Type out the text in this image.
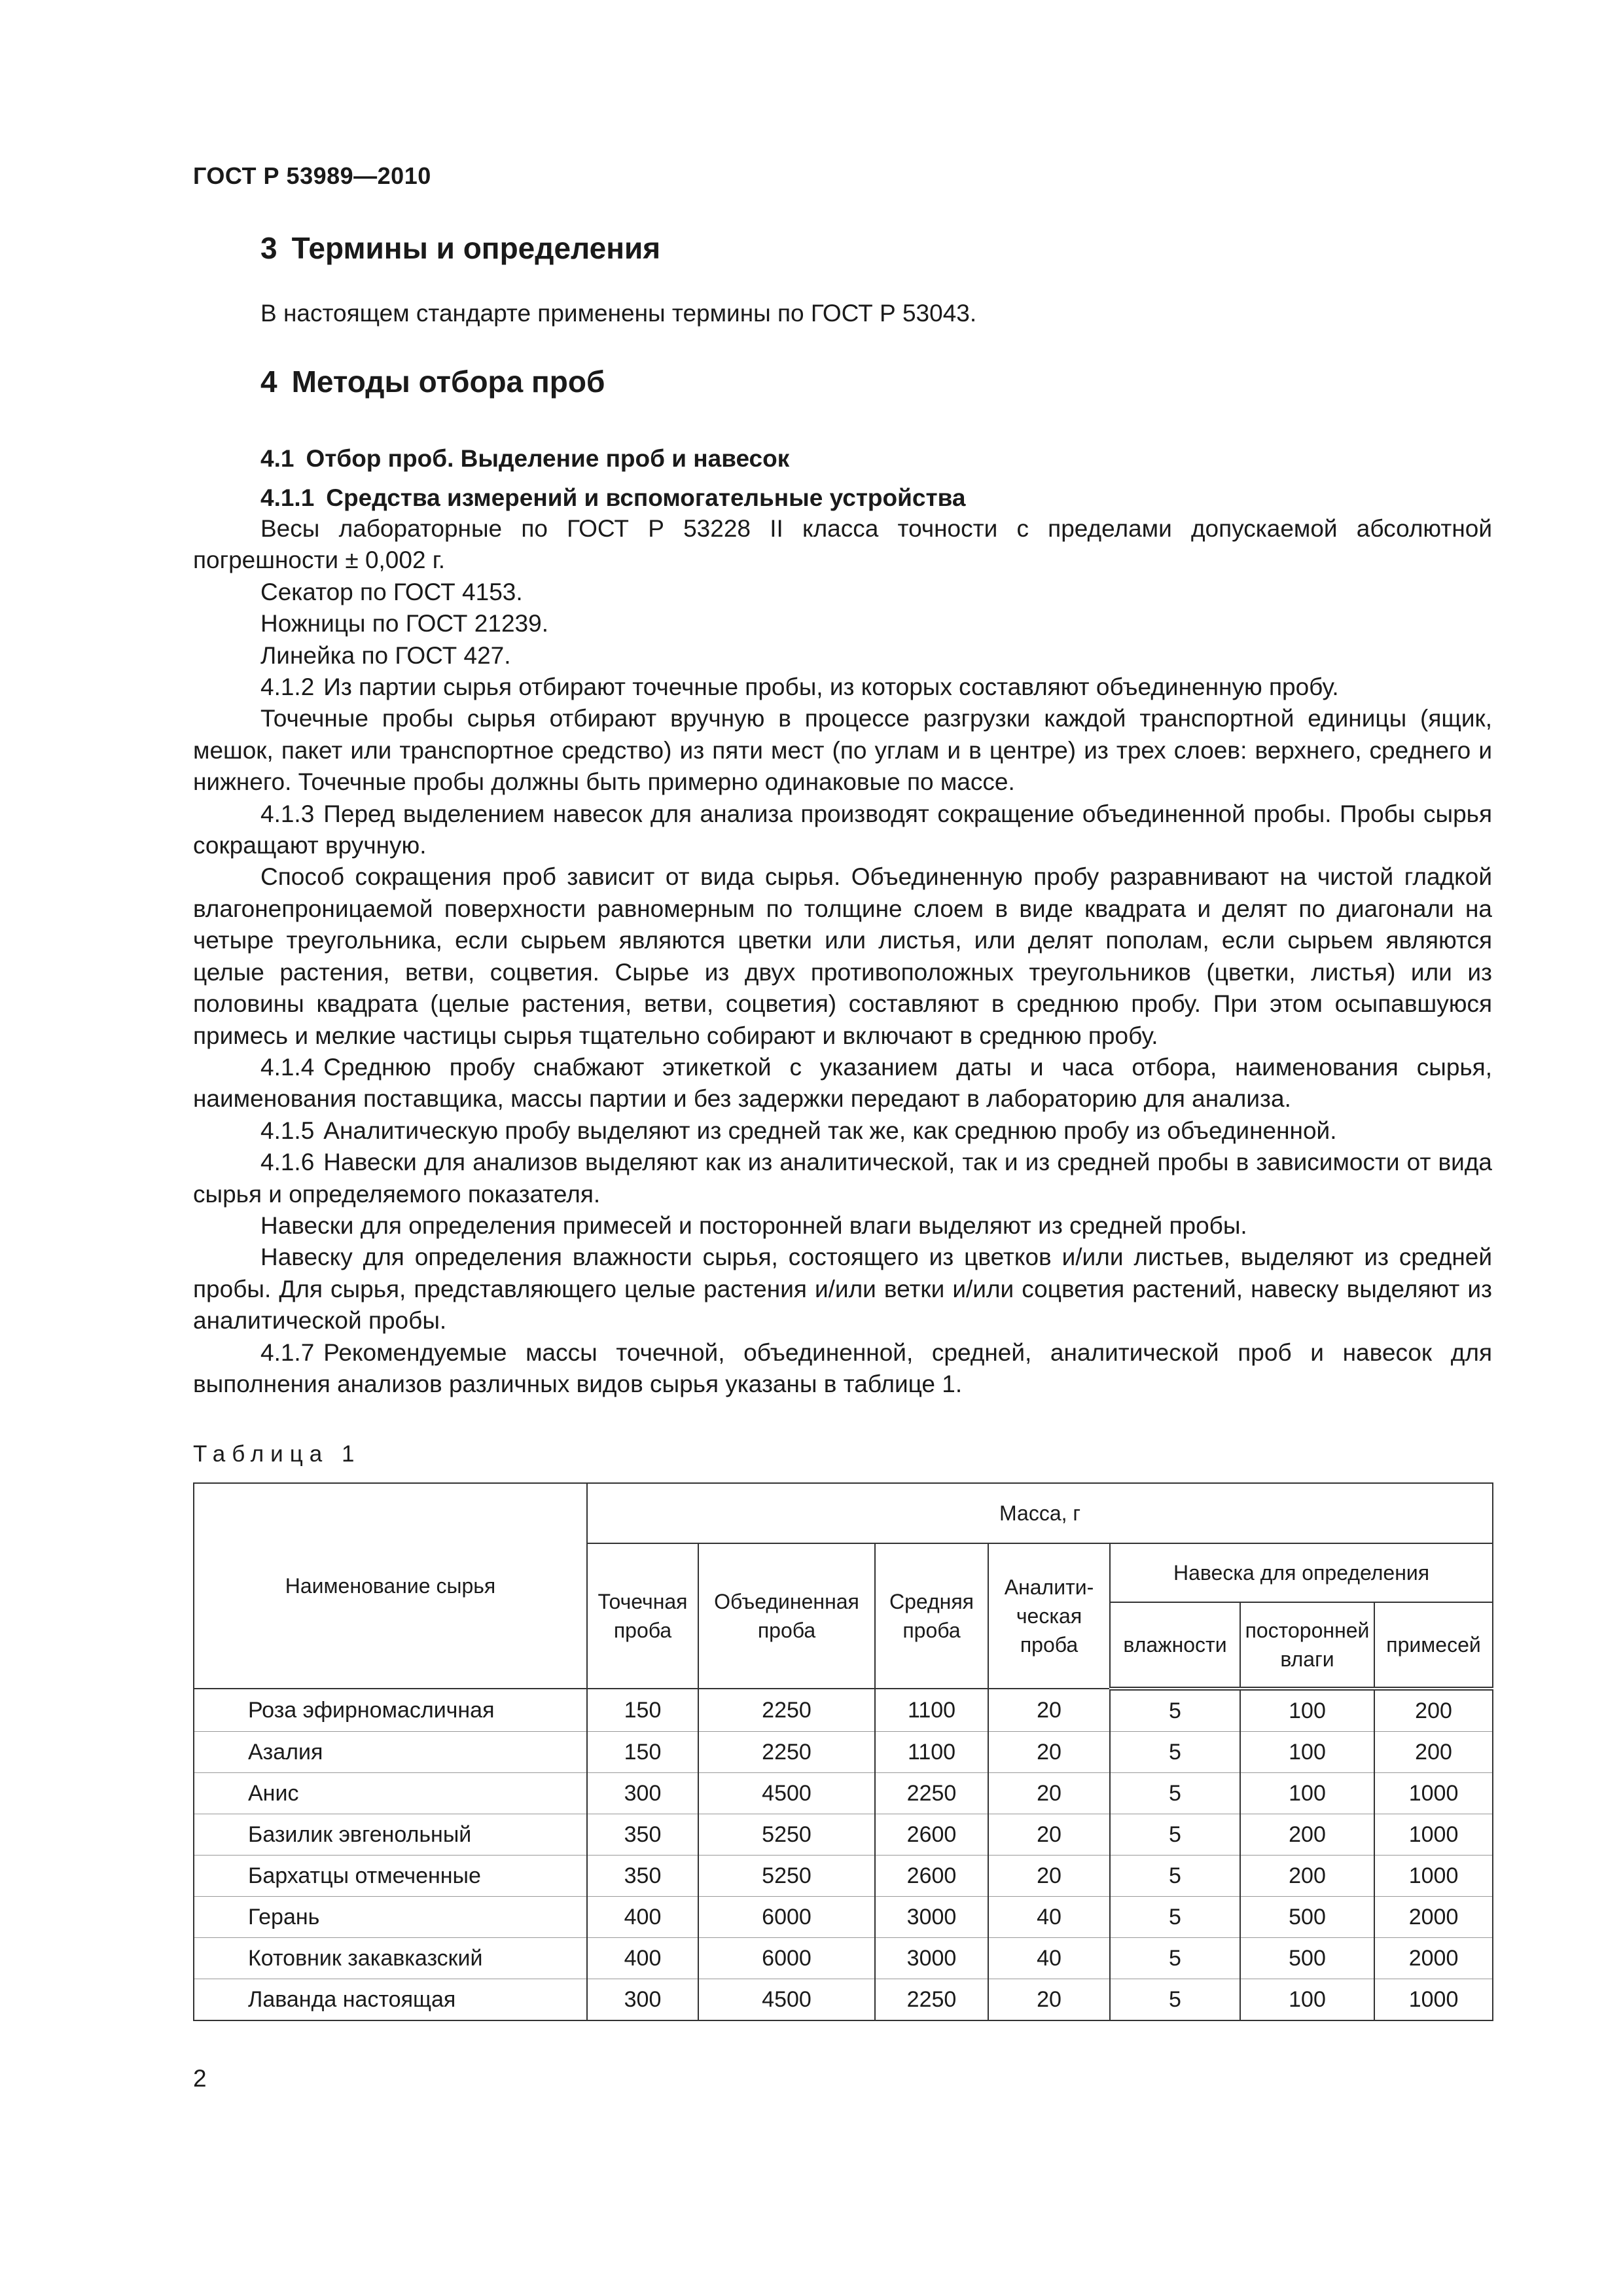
ГОСТ Р 53989—2010
3 Термины и определения
В настоящем стандарте применены термины по ГОСТ Р 53043.
4 Методы отбора проб
4.1 Отбор проб. Выделение проб и навесок
4.1.1 Средства измерений и вспомогательные устройства

Весы лабораторные по ГОСТ Р 53228 II класса точности с пределами допускаемой абсолютной погрешности ± 0,002 г.

Секатор по ГОСТ 4153.

Ножницы по ГОСТ 21239.

Линейка по ГОСТ 427.

4.1.2 Из партии сырья отбирают точечные пробы, из которых составляют объединенную пробу.

Точечные пробы сырья отбирают вручную в процессе разгрузки каждой транспортной единицы (ящик, мешок, пакет или транспортное средство) из пяти мест (по углам и в центре) из трех слоев: верхнего, среднего и нижнего. Точечные пробы должны быть примерно одинаковые по массе.

4.1.3 Перед выделением навесок для анализа производят сокращение объединенной пробы. Пробы сырья сокращают вручную.

Способ сокращения проб зависит от вида сырья. Объединенную пробу разравнивают на чистой гладкой влагонепроницаемой поверхности равномерным по толщине слоем в виде квадрата и делят по диагонали на четыре треугольника, если сырьем являются цветки или листья, или делят пополам, если сырьем являются целые растения, ветви, соцветия. Сырье из двух противоположных треугольников (цветки, листья) или из половины квадрата (целые растения, ветви, соцветия) составляют в среднюю пробу. При этом осыпавшуюся примесь и мелкие частицы сырья тщательно собирают и включают в среднюю пробу.

4.1.4 Среднюю пробу снабжают этикеткой с указанием даты и часа отбора, наименования сырья, наименования поставщика, массы партии и без задержки передают в лабораторию для анализа.

4.1.5 Аналитическую пробу выделяют из средней так же, как среднюю пробу из объединенной.

4.1.6 Навески для анализов выделяют как из аналитической, так и из средней пробы в зависимости от вида сырья и определяемого показателя.

Навески для определения примесей и посторонней влаги выделяют из средней пробы.

Навеску для определения влажности сырья, состоящего из цветков и/или листьев, выделяют из средней пробы. Для сырья, представляющего целые растения и/или ветки и/или соцветия растений, навеску выделяют из аналитической пробы.

4.1.7 Рекомендуемые массы точечной, объединенной, средней, аналитической проб и навесок для выполнения анализов различных видов сырья указаны в таблице 1.

Таблица 1
Наименование сырья	Масса, г						
	Точечная проба	Объединенная проба	Средняя проба	Аналитическая проба	Навеска для определения		
					влажности	посторонней влаги	примесей
Роза эфирномасличная	150	2250	1100	20	5	100	200
Азалия	150	2250	1100	20	5	100	200
Анис	300	4500	2250	20	5	100	1000
Базилик эвгенольный	350	5250	2600	20	5	200	1000
Бархатцы отмеченные	350	5250	2600	20	5	200	1000
Герань	400	6000	3000	40	5	500	2000
Котовник закавказский	400	6000	3000	40	5	500	2000
Лаванда настоящая	300	4500	2250	20	5	100	1000
2
